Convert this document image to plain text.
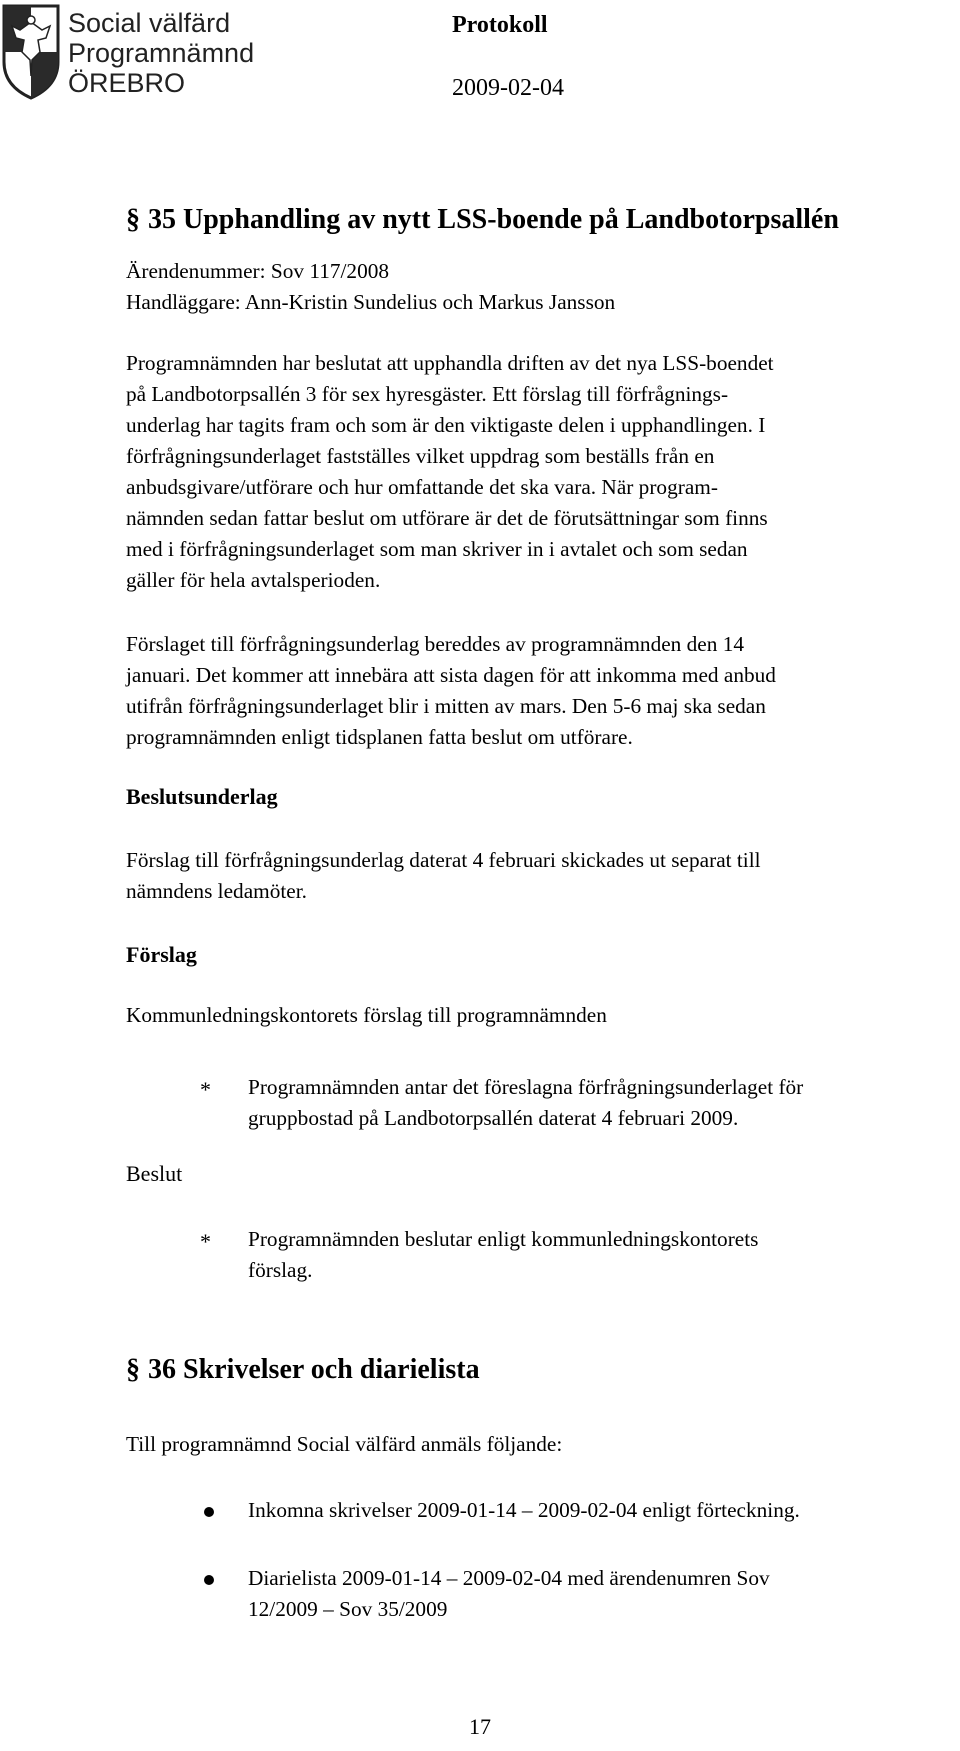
Social välfärd
Programnämnd
ÖREBRO
Protokoll
2009-02-04
§ 35 Upphandling av nytt LSS-boende på Landbotorpsallén
Ärendenummer: Sov 117/2008
Handläggare: Ann-Kristin Sundelius och Markus Jansson
Programnämnden har beslutat att upphandla driften av det nya LSS-boendet
på Landbotorpsallén 3 för sex hyresgäster. Ett förslag till förfrågnings-
underlag har tagits fram och som är den viktigaste delen i upphandlingen. I
förfrågningsunderlaget fastställes vilket uppdrag som beställs från en
anbudsgivare/utförare och hur omfattande det ska vara. När program-
nämnden sedan fattar beslut om utförare är det de förutsättningar som finns
med i förfrågningsunderlaget som man skriver in i avtalet och som sedan
gäller för hela avtalsperioden.
Förslaget till förfrågningsunderlag bereddes av programnämnden den 14
januari. Det kommer att innebära att sista dagen för att inkomma med anbud
utifrån förfrågningsunderlaget blir i mitten av mars. Den 5-6 maj ska sedan
programnämnden enligt tidsplanen fatta beslut om utförare.
Beslutsunderlag
Förslag till förfrågningsunderlag daterat 4 februari skickades ut separat till
nämndens ledamöter.
Förslag
Kommunledningskontorets förslag till programnämnden
* Programnämnden antar det föreslagna förfrågningsunderlaget för
gruppbostad på Landbotorpsallén daterat 4 februari 2009.
Beslut
* Programnämnden beslutar enligt kommunledningskontorets
förslag.
§ 36 Skrivelser och diarielista
Till programnämnd Social välfärd anmäls följande:
Inkomna skrivelser 2009-01-14 – 2009-02-04 enligt förteckning.
Diarielista 2009-01-14 – 2009-02-04 med ärendenumren Sov
12/2009 – Sov 35/2009
17
